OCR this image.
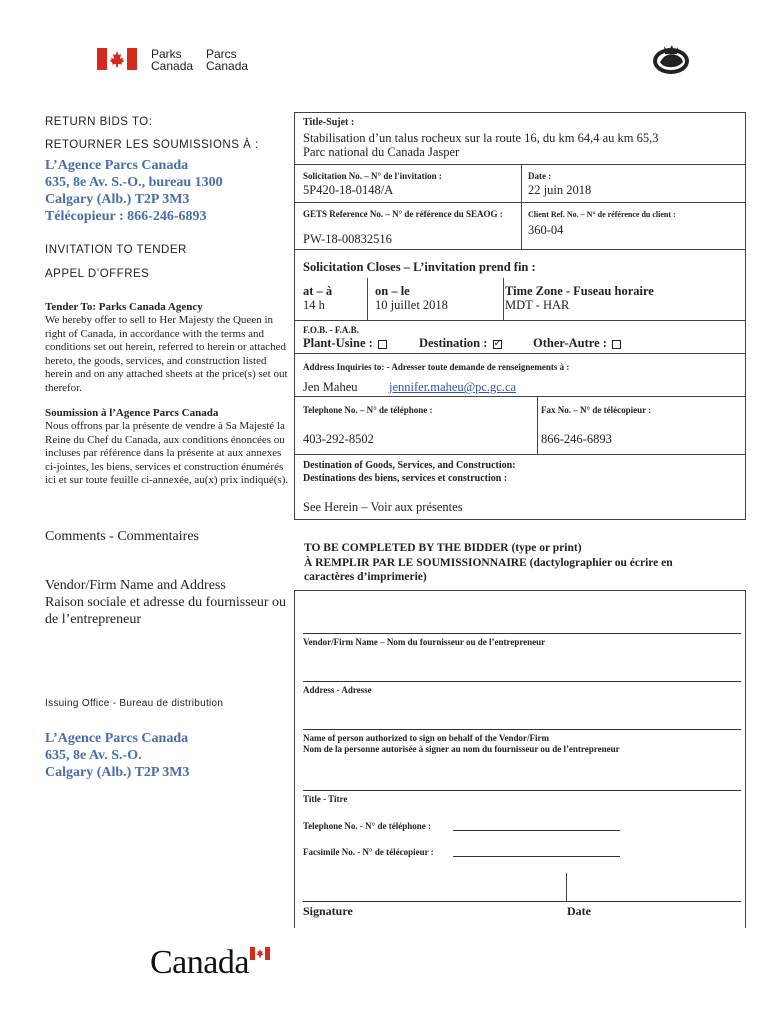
Parks
Canada
Parcs
Canada
RETURN BIDS TO:
RETOURNER LES SOUMISSIONS À :
L’Agence Parcs Canada
635, 8e Av. S.-O., bureau 1300
Calgary (Alb.) T2P 3M3
Télécopieur : 866-246-6893
INVITATION TO TENDER
APPEL D’OFFRES
Tender To: Parks Canada Agency
We hereby offer to sell to Her Majesty the Queen in right of Canada, in accordance with the terms and conditions set out herein, referred to herein or attached hereto, the goods, services, and construction listed herein and on any attached sheets at the price(s) set out therefor.
Soumission à l’Agence Parcs Canada
Nous offrons par la présente de vendre à Sa Majesté la Reine du Chef du Canada, aux conditions énoncées ou incluses par référence dans la présente at aux annexes ci-jointes, les biens, services et construction énumérés ici et sur toute feuille ci-annexée, au(x) prix indiqué(s).
Comments - Commentaires
Vendor/Firm Name and Address
Raison sociale et adresse du fournisseur ou de l’entrepreneur
Issuing Office - Bureau de distribution
L’Agence Parcs Canada
635, 8e Av. S.-O.
Calgary (Alb.) T2P 3M3
Title-Sujet :
Stabilisation d’un talus rocheux sur la route 16, du km 64,4 au km 65,3
Parc national du Canada Jasper
Solicitation No. – N° de l'invitation :
5P420-18-0148/A
Date :
22 juin 2018
GETS Reference No. – N° de référence du SEAOG :
PW-18-00832516
Client Ref. No. – N° de référence du client :
360-04
Solicitation Closes – L’invitation prend fin :
at – à
14 h
on – le
10 juillet 2018
Time Zone - Fuseau horaire
MDT - HAR
F.O.B. - F.A.B.
Plant-Usine :	Destination : ✓	Other-Autre :
Address Inquiries to: - Adresser toute demande de renseignements à :
Jen Maheu	jennifer.maheu@pc.gc.ca
Telephone No. – N° de téléphone :
403-292-8502
Fax No. – N° de télécopieur :
866-246-6893
Destination of Goods, Services, and Construction:
Destinations des biens, services et construction :
See Herein – Voir aux présentes
TO BE COMPLETED BY THE BIDDER (type or print)
À REMPLIR PAR LE SOUMISSIONNAIRE (dactylographier ou écrire en
caractères d’imprimerie)
Vendor/Firm Name – Nom du fournisseur ou de l’entrepreneur
Address - Adresse
Name of person authorized to sign on behalf of the Vendor/Firm
Nom de la personne autorisée à signer au nom du fournisseur ou de l’entrepreneur
Title - Titre
Telephone No. - N° de téléphone :
Facsimile No. - N° de télécopieur :
Signature	Date
Canada
